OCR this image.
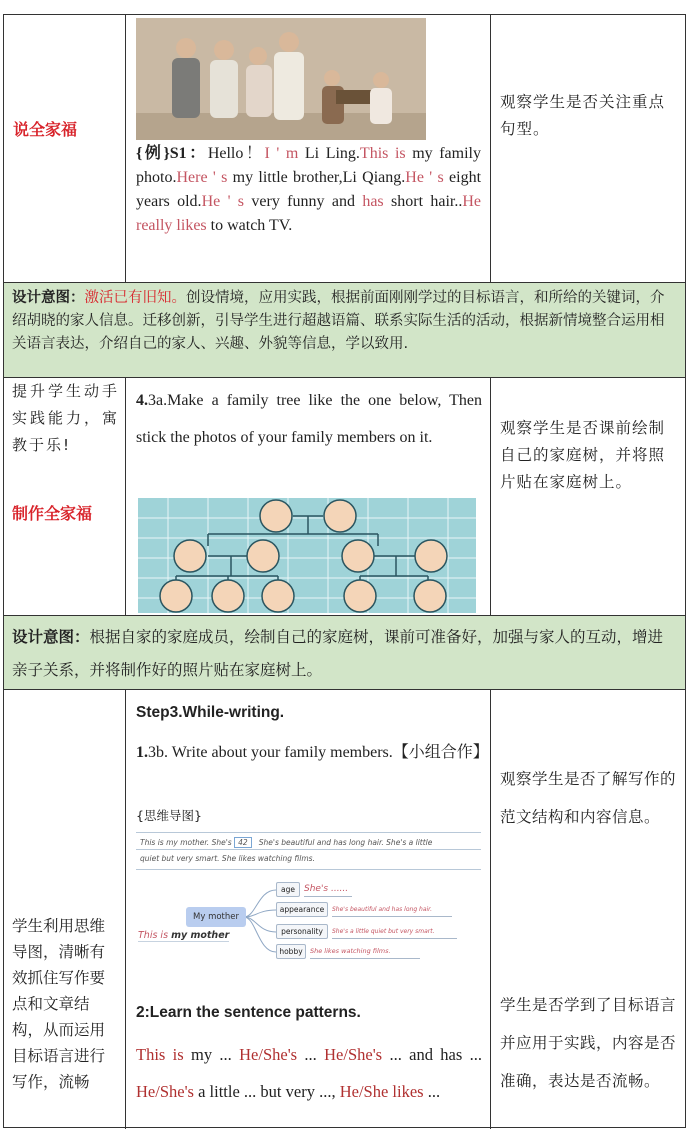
说全家福
{例}S1：Hello！I ' m Li Ling.This is my family photo.Here ' s my little brother,Li Qiang.He ' s eight years old.He ' s very funny and has short hair..He really likes to watch TV.
观察学生是否关注重点句型。
设计意图：激活已有旧知。创设情境，应用实践，根据前面刚刚学过的目标语言，和所给的关键词，介绍胡晓的家人信息。迁移创新，引导学生进行超越语篇、联系实际生活的活动，根据新情境整合运用相关语言表达，介绍自己的家人、兴趣、外貌等信息，学以致用.
提升学生动手实践能力，寓教于乐!
制作全家福
4.3a.Make a family tree like the one below, Then stick the photos of your family members on it.
观察学生是否课前绘制自己的家庭树，并将照片贴在家庭树上。
设计意图：根据自家的家庭成员，绘制自己的家庭树，课前可准备好，加强与家人的互动，增进亲子关系，并将制作好的照片贴在家庭树上。
学生利用思维导图，清晰有效抓住写作要点和文章结构，从而运用目标语言进行写作，流畅
Step3.While-writing.
1.3b. Write about your family members.【小组合作】
{思维导图}
This is my mother. She's 42 She's beautiful and has long hair. She's a little
quiet but very smart. She likes watching films.
My mother
age
appearance
personality
hobby
She's ......
She's beautiful and has long hair.
She's a little quiet but very smart.
She likes watching films.
This is my mother
2:Learn the sentence patterns.
This is my ... He/She's ... He/She's ... and has ... He/She's a little ... but very ..., He/She likes ...
观察学生是否了解写作的范文结构和内容信息。
学生是否学到了目标语言并应用于实践，内容是否准确，表达是否流畅。
